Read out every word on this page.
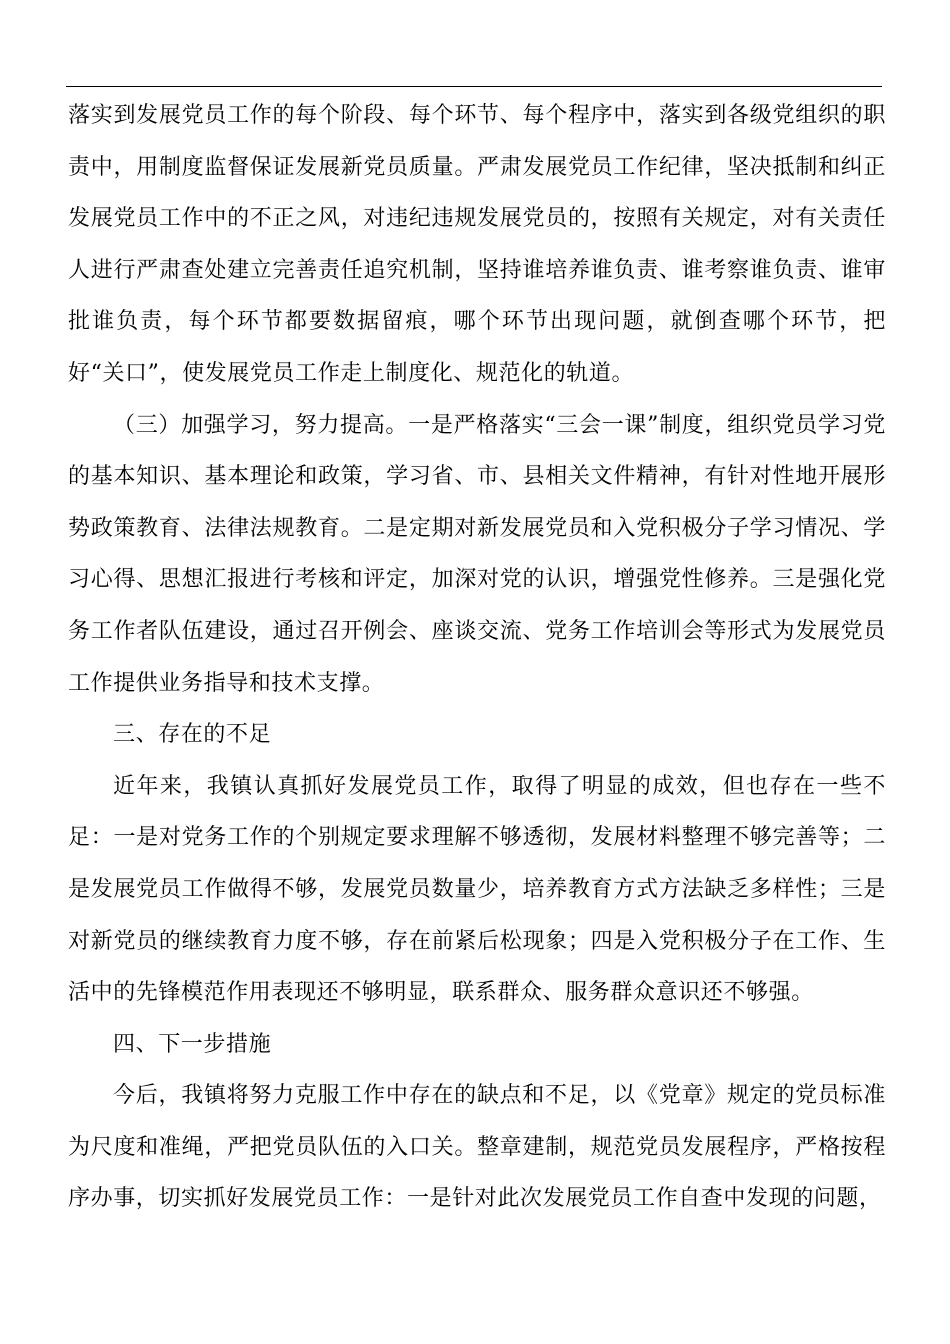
落实到发展党员工作的每个阶段、每个环节、每个程序中，落实到各级党组织的职责中，用制度监督保证发展新党员质量。严肃发展党员工作纪律，坚决抵制和纠正发展党员工作中的不正之风，对违纪违规发展党员的，按照有关规定，对有关责任人进行严肃查处建立完善责任追究机制，坚持谁培养谁负责、谁考察谁负责、谁审批谁负责，每个环节都要数据留痕，哪个环节出现问题，就倒查哪个环节，把好“关口”，使发展党员工作走上制度化、规范化的轨道。

（三）加强学习，努力提高。一是严格落实“三会一课”制度，组织党员学习党的基本知识、基本理论和政策，学习省、市、县相关文件精神，有针对性地开展形势政策教育、法律法规教育。二是定期对新发展党员和入党积极分子学习情况、学习心得、思想汇报进行考核和评定，加深对党的认识，增强党性修养。三是强化党务工作者队伍建设，通过召开例会、座谈交流、党务工作培训会等形式为发展党员工作提供业务指导和技术支撑。

三、存在的不足

近年来，我镇认真抓好发展党员工作，取得了明显的成效，但也存在一些不足：一是对党务工作的个别规定要求理解不够透彻，发展材料整理不够完善等；二是发展党员工作做得不够，发展党员数量少，培养教育方式方法缺乏多样性；三是对新党员的继续教育力度不够，存在前紧后松现象；四是入党积极分子在工作、生活中的先锋模范作用表现还不够明显，联系群众、服务群众意识还不够强。

四、下一步措施

今后，我镇将努力克服工作中存在的缺点和不足，以《党章》规定的党员标准为尺度和准绳，严把党员队伍的入口关。整章建制，规范党员发展程序，严格按程序办事，切实抓好发展党员工作：一是针对此次发展党员工作自查中发现的问题，
